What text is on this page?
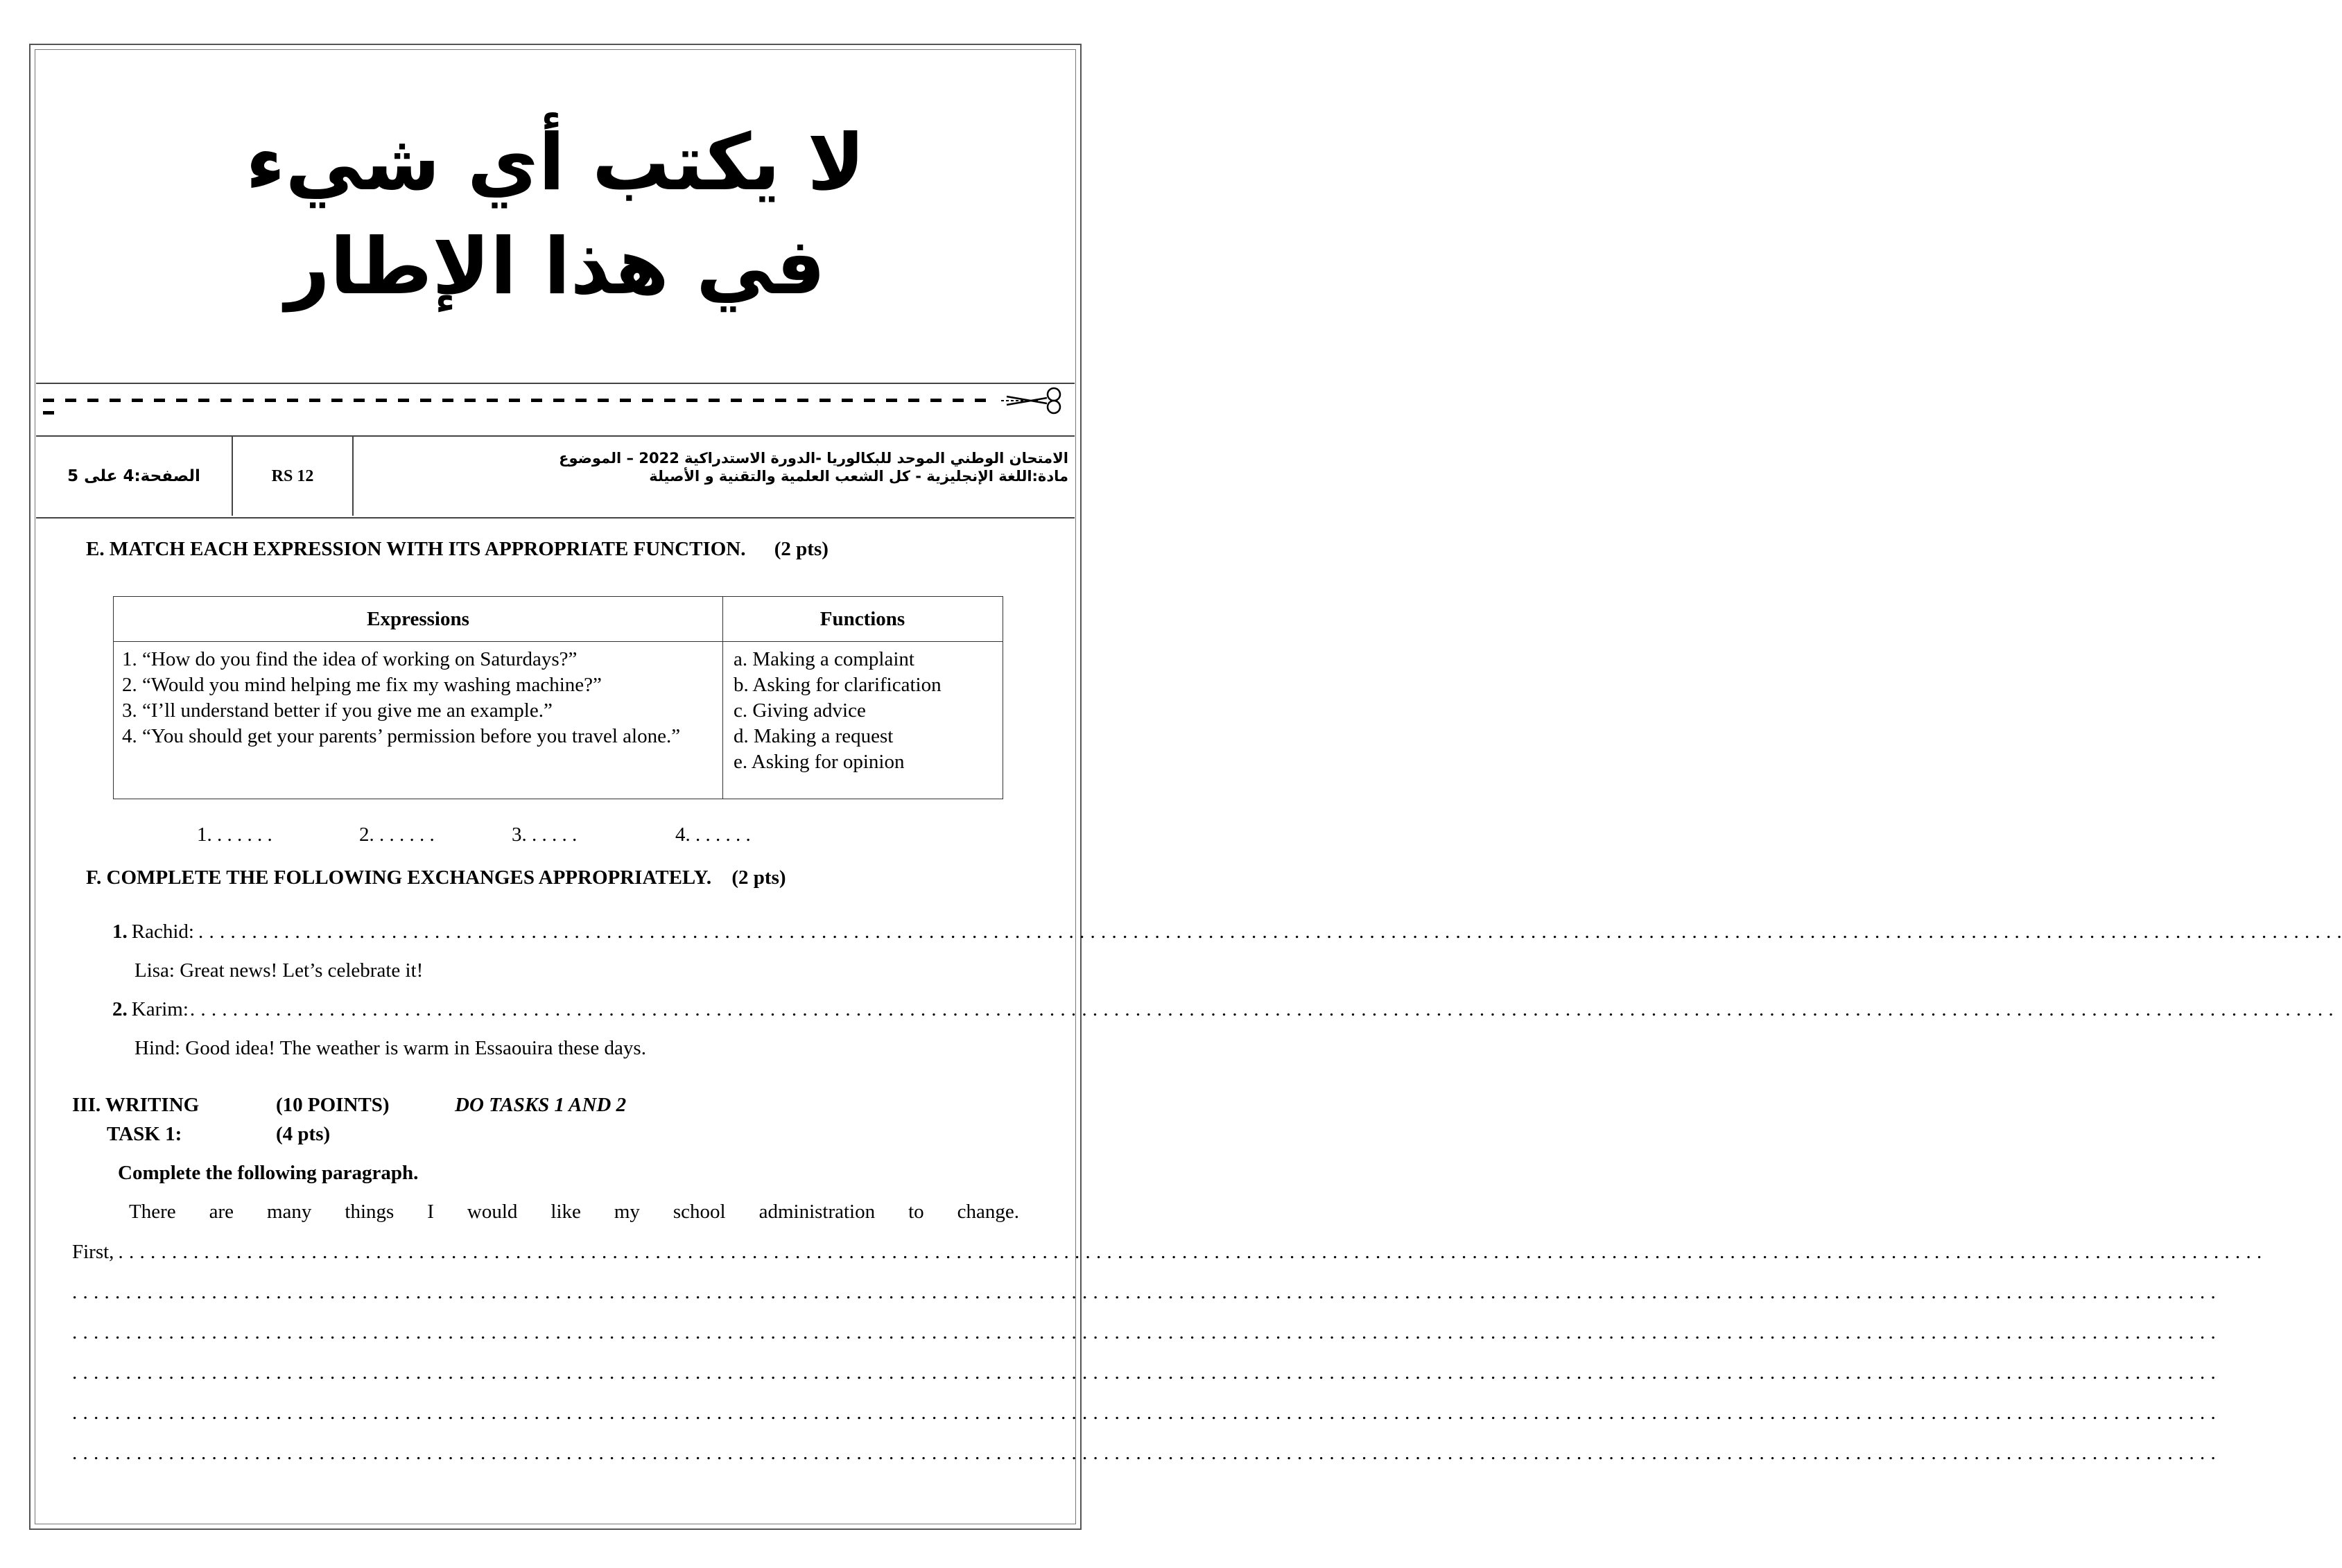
لا يكتب أي شيء
في هذا الإطار
الصفحة:4 على 5	RS 12
الامتحان الوطني الموحد للبكالوريا -الدورة الاستدراكية 2022 – الموضوع
مادة:اللغة الإنجليزية - كل الشعب العلمية والتقنية و الأصيلة
E. MATCH EACH EXPRESSION WITH ITS APPROPRIATE FUNCTION. (2 pts)
Expressions	Functions
1. “How do you find the idea of working on Saturdays?”
2. “Would you mind helping me fix my washing machine?”
3. “I’ll understand better if you give me an example.”
4. “You should get your parents’ permission before you travel alone.”
a. Making a complaint
b. Asking for clarification
c. Giving advice
d. Making a request
e. Asking for opinion
1. . . . . . .	2. . . . . . .	3. . . . . .	4. . . . . . .
F. COMPLETE THE FOLLOWING EXCHANGES APPROPRIATELY. (2 pts)
1. Rachid: . . . . . . . . . . . . . . . . . . . . . . . . . . . . . . . . . . . . . . . . . . . . . . . . . . . . . . . . . . . . . . . . . . . . . . . . . . . . . . . . . . . . . . . . . . . . . . . . . . . . . . . . . . . . . . . . . . . . . . . . . . . . . . . . . . . . . . . . . . . . . . . . . . . . . . . . . . . . . . . . . . . . . . . . . . . . . . . . . . . . . . . . . . . . . . . . . . . . . . . .
Lisa: Great news! Let’s celebrate it!
2. Karim: . . . . . . . . . . . . . . . . . . . . . . . . . . . . . . . . . . . . . . . . . . . . . . . . . . . . . . . . . . . . . . . . . . . . . . . . . . . . . . . . . . . . . . . . . . . . . . . . . . . . . . . . . . . . . . . . . . . . . . . . . . . . . . . . . . . . . . . . . . . . . . . . . . . . . . . . . . . . . . . . . . . . . . . . . . . . . . . . . . . . . . . . . . . . . . . . . . . . . . . .
Hind: Good idea! The weather is warm in Essaouira these days.
III. WRITING	(10 POINTS)	DO TASKS 1 AND 2
TASK 1:	(4 pts)
Complete the following paragraph.
There are many things I would like my school administration to change.
First, . . . . . . . . . . . . . . . . . . . . . . . . . . . . . . . . . . . . . . . . . . . . . . . . . . . . . . . . . . . . . . . . . . . . . . . . . . . . . . . . . . . . . . . . . . . . . . . . . . . . . . . . . . . . . . . . . . . . . . . . . . . . . . . . . . . . . . . . . . . . . . . . . . . . . . . . . . . . . . . . . . . . . . . . . . . . . . . . . . . . . . . . . . . . . . . . . . . . . . . .
. . . . . . . . . . . . . . . . . . . . . . . . . . . . . . . . . . . . . . . . . . . . . . . . . . . . . . . . . . . . . . . . . . . . . . . . . . . . . . . . . . . . . . . . . . . . . . . . . . . . . . . . . . . . . . . . . . . . . . . . . . . . . . . . . . . . . . . . . . . . . . . . . . . . . . . . . . . . . . . . . . . . . . . . . . . . . . . . . . . . . . . . . . . . . . . . . . . . . . . .
. . . . . . . . . . . . . . . . . . . . . . . . . . . . . . . . . . . . . . . . . . . . . . . . . . . . . . . . . . . . . . . . . . . . . . . . . . . . . . . . . . . . . . . . . . . . . . . . . . . . . . . . . . . . . . . . . . . . . . . . . . . . . . . . . . . . . . . . . . . . . . . . . . . . . . . . . . . . . . . . . . . . . . . . . . . . . . . . . . . . . . . . . . . . . . . . . . . . . . . .
. . . . . . . . . . . . . . . . . . . . . . . . . . . . . . . . . . . . . . . . . . . . . . . . . . . . . . . . . . . . . . . . . . . . . . . . . . . . . . . . . . . . . . . . . . . . . . . . . . . . . . . . . . . . . . . . . . . . . . . . . . . . . . . . . . . . . . . . . . . . . . . . . . . . . . . . . . . . . . . . . . . . . . . . . . . . . . . . . . . . . . . . . . . . . . . . . . . . . . . .
. . . . . . . . . . . . . . . . . . . . . . . . . . . . . . . . . . . . . . . . . . . . . . . . . . . . . . . . . . . . . . . . . . . . . . . . . . . . . . . . . . . . . . . . . . . . . . . . . . . . . . . . . . . . . . . . . . . . . . . . . . . . . . . . . . . . . . . . . . . . . . . . . . . . . . . . . . . . . . . . . . . . . . . . . . . . . . . . . . . . . . . . . . . . . . . . . . . . . . . .
. . . . . . . . . . . . . . . . . . . . . . . . . . . . . . . . . . . . . . . . . . . . . . . . . . . . . . . . . . . . . . . . . . . . . . . . . . . . . . . . . . . . . . . . . . . . . . . . . . . . . . . . . . . . . . . . . . . . . . . . . . . . . . . . . . . . . . . . . . . . . . . . . . . . . . . . . . . . . . . . . . . . . . . . . . . . . . . . . . . . . . . . . . . . . . . . . . . . . . . .
